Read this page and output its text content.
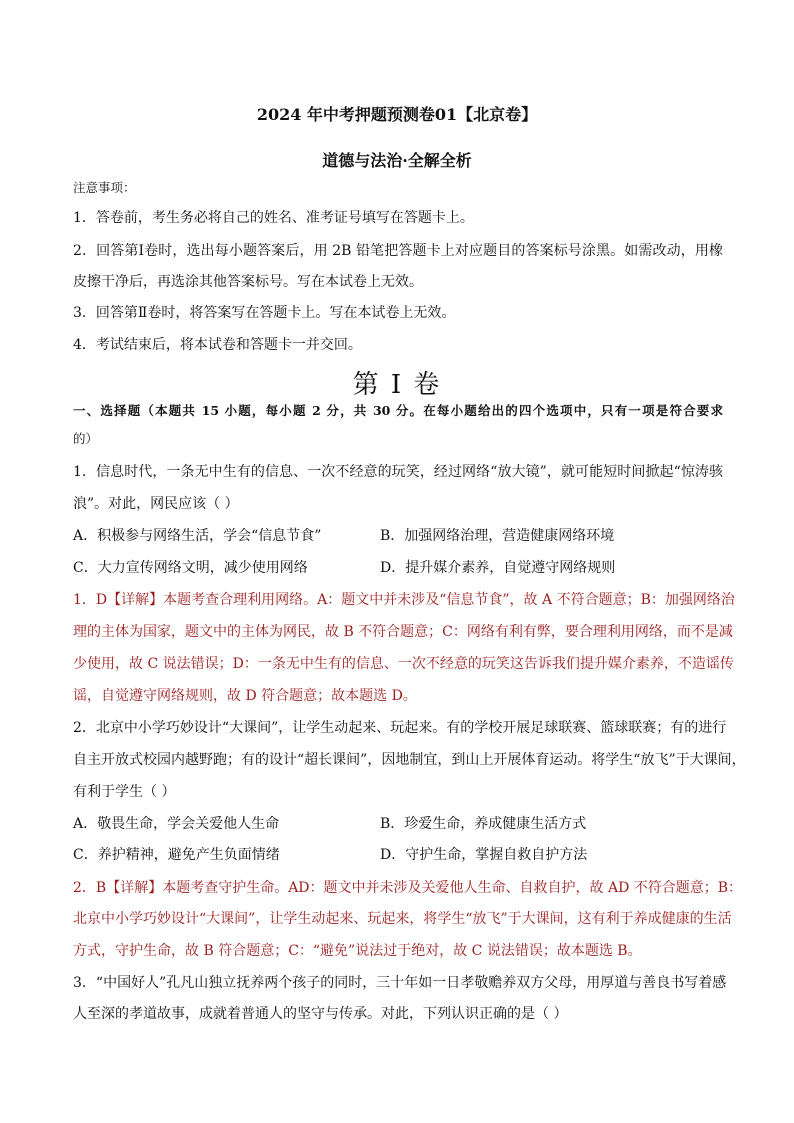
2024 年中考押题预测卷01【北京卷】
道德与法治·全解全析
注意事项：
1．答卷前，考生务必将自己的姓名、准考证号填写在答题卡上。
2．回答第Ⅰ卷时，选出每小题答案后，用 2B 铅笔把答题卡上对应题目的答案标号涂黑。如需改动，用橡
皮擦干净后，再选涂其他答案标号。写在本试卷上无效。
3．回答第Ⅱ卷时，将答案写在答题卡上。写在本试卷上无效。
4．考试结束后，将本试卷和答题卡一并交回。
第 I 卷
一、选择题（本题共 15 小题，每小题 2 分，共 30 分。在每小题给出的四个选项中，只有一项是符合要求
的）
1．信息时代，一条无中生有的信息、一次不经意的玩笑，经过网络“放大镜”，就可能短时间掀起“惊涛骇
浪”。对此，网民应该（ ）
A．积极参与网络生活，学会“信息节食”	B．加强网络治理，营造健康网络环境
C．大力宣传网络文明，减少使用网络	D．提升媒介素养，自觉遵守网络规则
1．D【详解】本题考查合理利用网络。A：题文中并未涉及“信息节食”，故 A 不符合题意；B：加强网络治
理的主体为国家，题文中的主体为网民，故 B 不符合题意；C：网络有利有弊，要合理利用网络，而不是减
少使用，故 C 说法错误；D：一条无中生有的信息、一次不经意的玩笑这告诉我们提升媒介素养，不造谣传
谣，自觉遵守网络规则，故 D 符合题意；故本题选 D。
2．北京中小学巧妙设计“大课间”，让学生动起来、玩起来。有的学校开展足球联赛、篮球联赛；有的进行
自主开放式校园内越野跑；有的设计“超长课间”，因地制宜，到山上开展体育运动。将学生“放飞”于大课间，
有利于学生（ ）
A．敬畏生命，学会关爱他人生命	B．珍爱生命，养成健康生活方式
C．养护精神，避免产生负面情绪	D．守护生命，掌握自救自护方法
2．B【详解】本题考查守护生命。AD：题文中并未涉及关爱他人生命、自救自护，故 AD 不符合题意；B：
北京中小学巧妙设计“大课间”，让学生动起来、玩起来，将学生“放飞”于大课间，这有利于养成健康的生活
方式，守护生命，故 B 符合题意；C：“避免”说法过于绝对，故 C 说法错误；故本题选 B。
3．“中国好人”孔凡山独立抚养两个孩子的同时，三十年如一日孝敬赡养双方父母，用厚道与善良书写着感
人至深的孝道故事，成就着普通人的坚守与传承。对此，下列认识正确的是（ ）
